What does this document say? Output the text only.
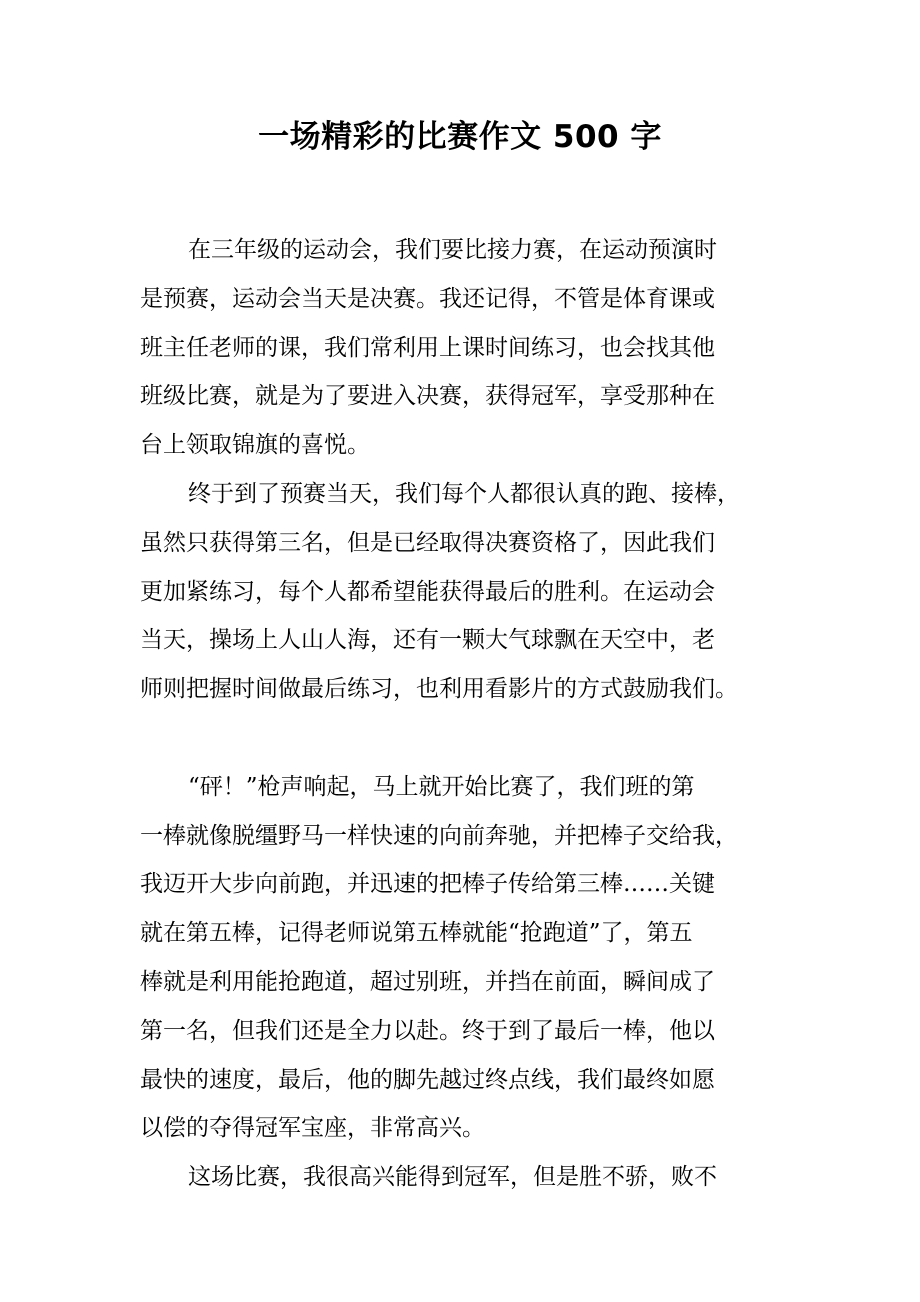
一场精彩的比赛作文 500 字
在三年级的运动会，我们要比接力赛，在运动预演时
是预赛，运动会当天是决赛。我还记得，不管是体育课或
班主任老师的课，我们常利用上课时间练习，也会找其他
班级比赛，就是为了要进入决赛，获得冠军，享受那种在
台上领取锦旗的喜悦。
终于到了预赛当天，我们每个人都很认真的跑、接棒，
虽然只获得第三名，但是已经取得决赛资格了，因此我们
更加紧练习，每个人都希望能获得最后的胜利。在运动会
当天，操场上人山人海，还有一颗大气球飘在天空中，老
师则把握时间做最后练习，也利用看影片的方式鼓励我们。
“砰！”枪声响起，马上就开始比赛了，我们班的第
一棒就像脱缰野马一样快速的向前奔驰，并把棒子交给我，
我迈开大步向前跑，并迅速的把棒子传给第三棒……关键
就在第五棒，记得老师说第五棒就能“抢跑道”了，第五
棒就是利用能抢跑道，超过别班，并挡在前面，瞬间成了
第一名，但我们还是全力以赴。终于到了最后一棒，他以
最快的速度，最后，他的脚先越过终点线，我们最终如愿
以偿的夺得冠军宝座，非常高兴。
这场比赛，我很高兴能得到冠军，但是胜不骄，败不
